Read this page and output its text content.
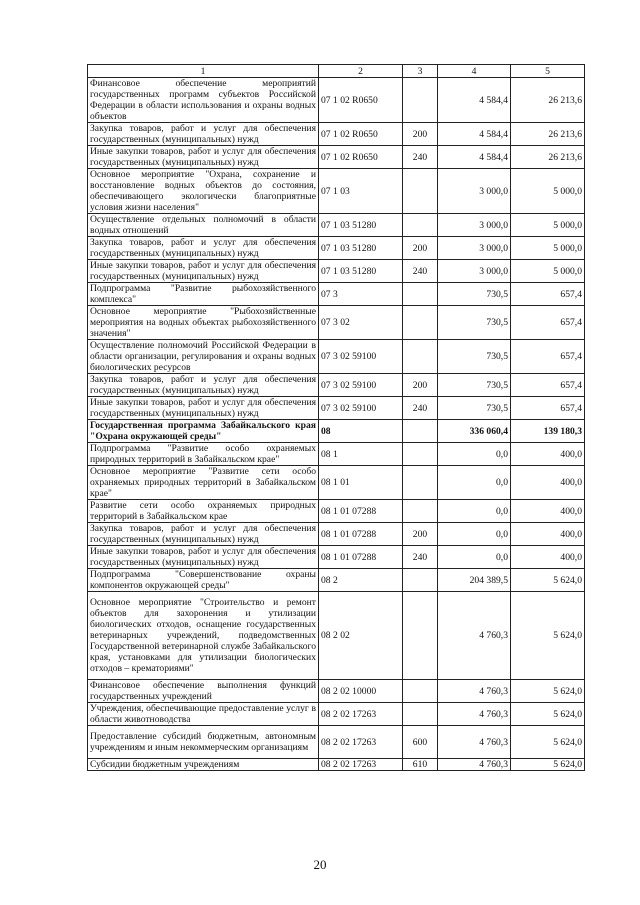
1	2	3	4	5
Финансовое обеспечение мероприятий государственных программ субъектов Российской Федерации в области использования и охраны водных объектов	07 1 02 R0650		4 584,4	26 213,6
Закупка товаров, работ и услуг для обеспечения государственных (муниципальных) нужд	07 1 02 R0650	200	4 584,4	26 213,6
Иные закупки товаров, работ и услуг для обеспечения государственных (муниципальных) нужд	07 1 02 R0650	240	4 584,4	26 213,6
Основное мероприятие "Охрана, сохранение и восстановление водных объектов до состояния, обеспечивающего экологически благоприятные условия жизни населения"	07 1 03		3 000,0	5 000,0
Осуществление отдельных полномочий в области водных отношений	07 1 03 51280		3 000,0	5 000,0
Закупка товаров, работ и услуг для обеспечения государственных (муниципальных) нужд	07 1 03 51280	200	3 000,0	5 000,0
Иные закупки товаров, работ и услуг для обеспечения государственных (муниципальных) нужд	07 1 03 51280	240	3 000,0	5 000,0
Подпрограмма "Развитие рыбохозяйственного комплекса"	07 3		730,5	657,4
Основное мероприятие "Рыбохозяйственные мероприятия на водных объектах рыбохозяйственного значения"	07 3 02		730,5	657,4
Осуществление полномочий Российской Федерации в области организации, регулирования и охраны водных биологических ресурсов	07 3 02 59100		730,5	657,4
Закупка товаров, работ и услуг для обеспечения государственных (муниципальных) нужд	07 3 02 59100	200	730,5	657,4
Иные закупки товаров, работ и услуг для обеспечения государственных (муниципальных) нужд	07 3 02 59100	240	730,5	657,4
Государственная программа Забайкальского края "Охрана окружающей среды"	08		336 060,4	139 180,3
Подпрограмма "Развитие особо охраняемых природных территорий в Забайкальском крае"	08 1		0,0	400,0
Основное мероприятие "Развитие сети особо охраняемых природных территорий в Забайкальском крае"	08 1 01		0,0	400,0
Развитие сети особо охраняемых природных территорий в Забайкальском крае	08 1 01 07288		0,0	400,0
Закупка товаров, работ и услуг для обеспечения государственных (муниципальных) нужд	08 1 01 07288	200	0,0	400,0
Иные закупки товаров, работ и услуг для обеспечения государственных (муниципальных) нужд	08 1 01 07288	240	0,0	400,0
Подпрограмма "Совершенствование охраны компонентов окружающей среды"	08 2		204 389,5	5 624,0
Основное мероприятие "Строительство и ремонт объектов для захоронения и утилизации биологических отходов, оснащение государственных ветеринарных учреждений, подведомственных Государственной ветеринарной службе Забайкальского края, установками для утилизации биологических отходов – крематориями"	08 2 02		4 760,3	5 624,0
Финансовое обеспечение выполнения функций государственных учреждений	08 2 02 10000		4 760,3	5 624,0
Учреждения, обеспечивающие предоставление услуг в области животноводства	08 2 02 17263		4 760,3	5 624,0
Предоставление субсидий бюджетным, автономным учреждениям и иным некоммерческим организациям	08 2 02 17263	600	4 760,3	5 624,0
Субсидии бюджетным учреждениям	08 2 02 17263	610	4 760,3	5 624,0
20
